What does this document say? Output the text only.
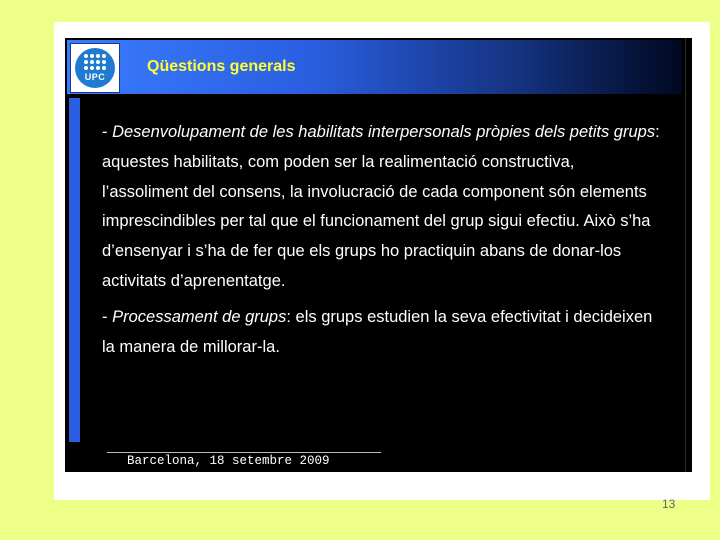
UPC
Qüestions generals

- Desenvolupament de les habilitats interpersonals pròpies dels petits grups: aquestes habilitats, com poden ser la realimentació constructiva, l’assoliment del consens, la involucració de cada component són elements imprescindibles per tal que el funcionament del grup sigui efectiu. Això s’ha d’ensenyar i s’ha de fer que els grups ho practiquin abans de donar-los activitats d’aprenentatge.

- Processament de grups: els grups estudien la seva efectivitat i decideixen la manera de millorar-la.

Barcelona, 18 setembre 2009
13
